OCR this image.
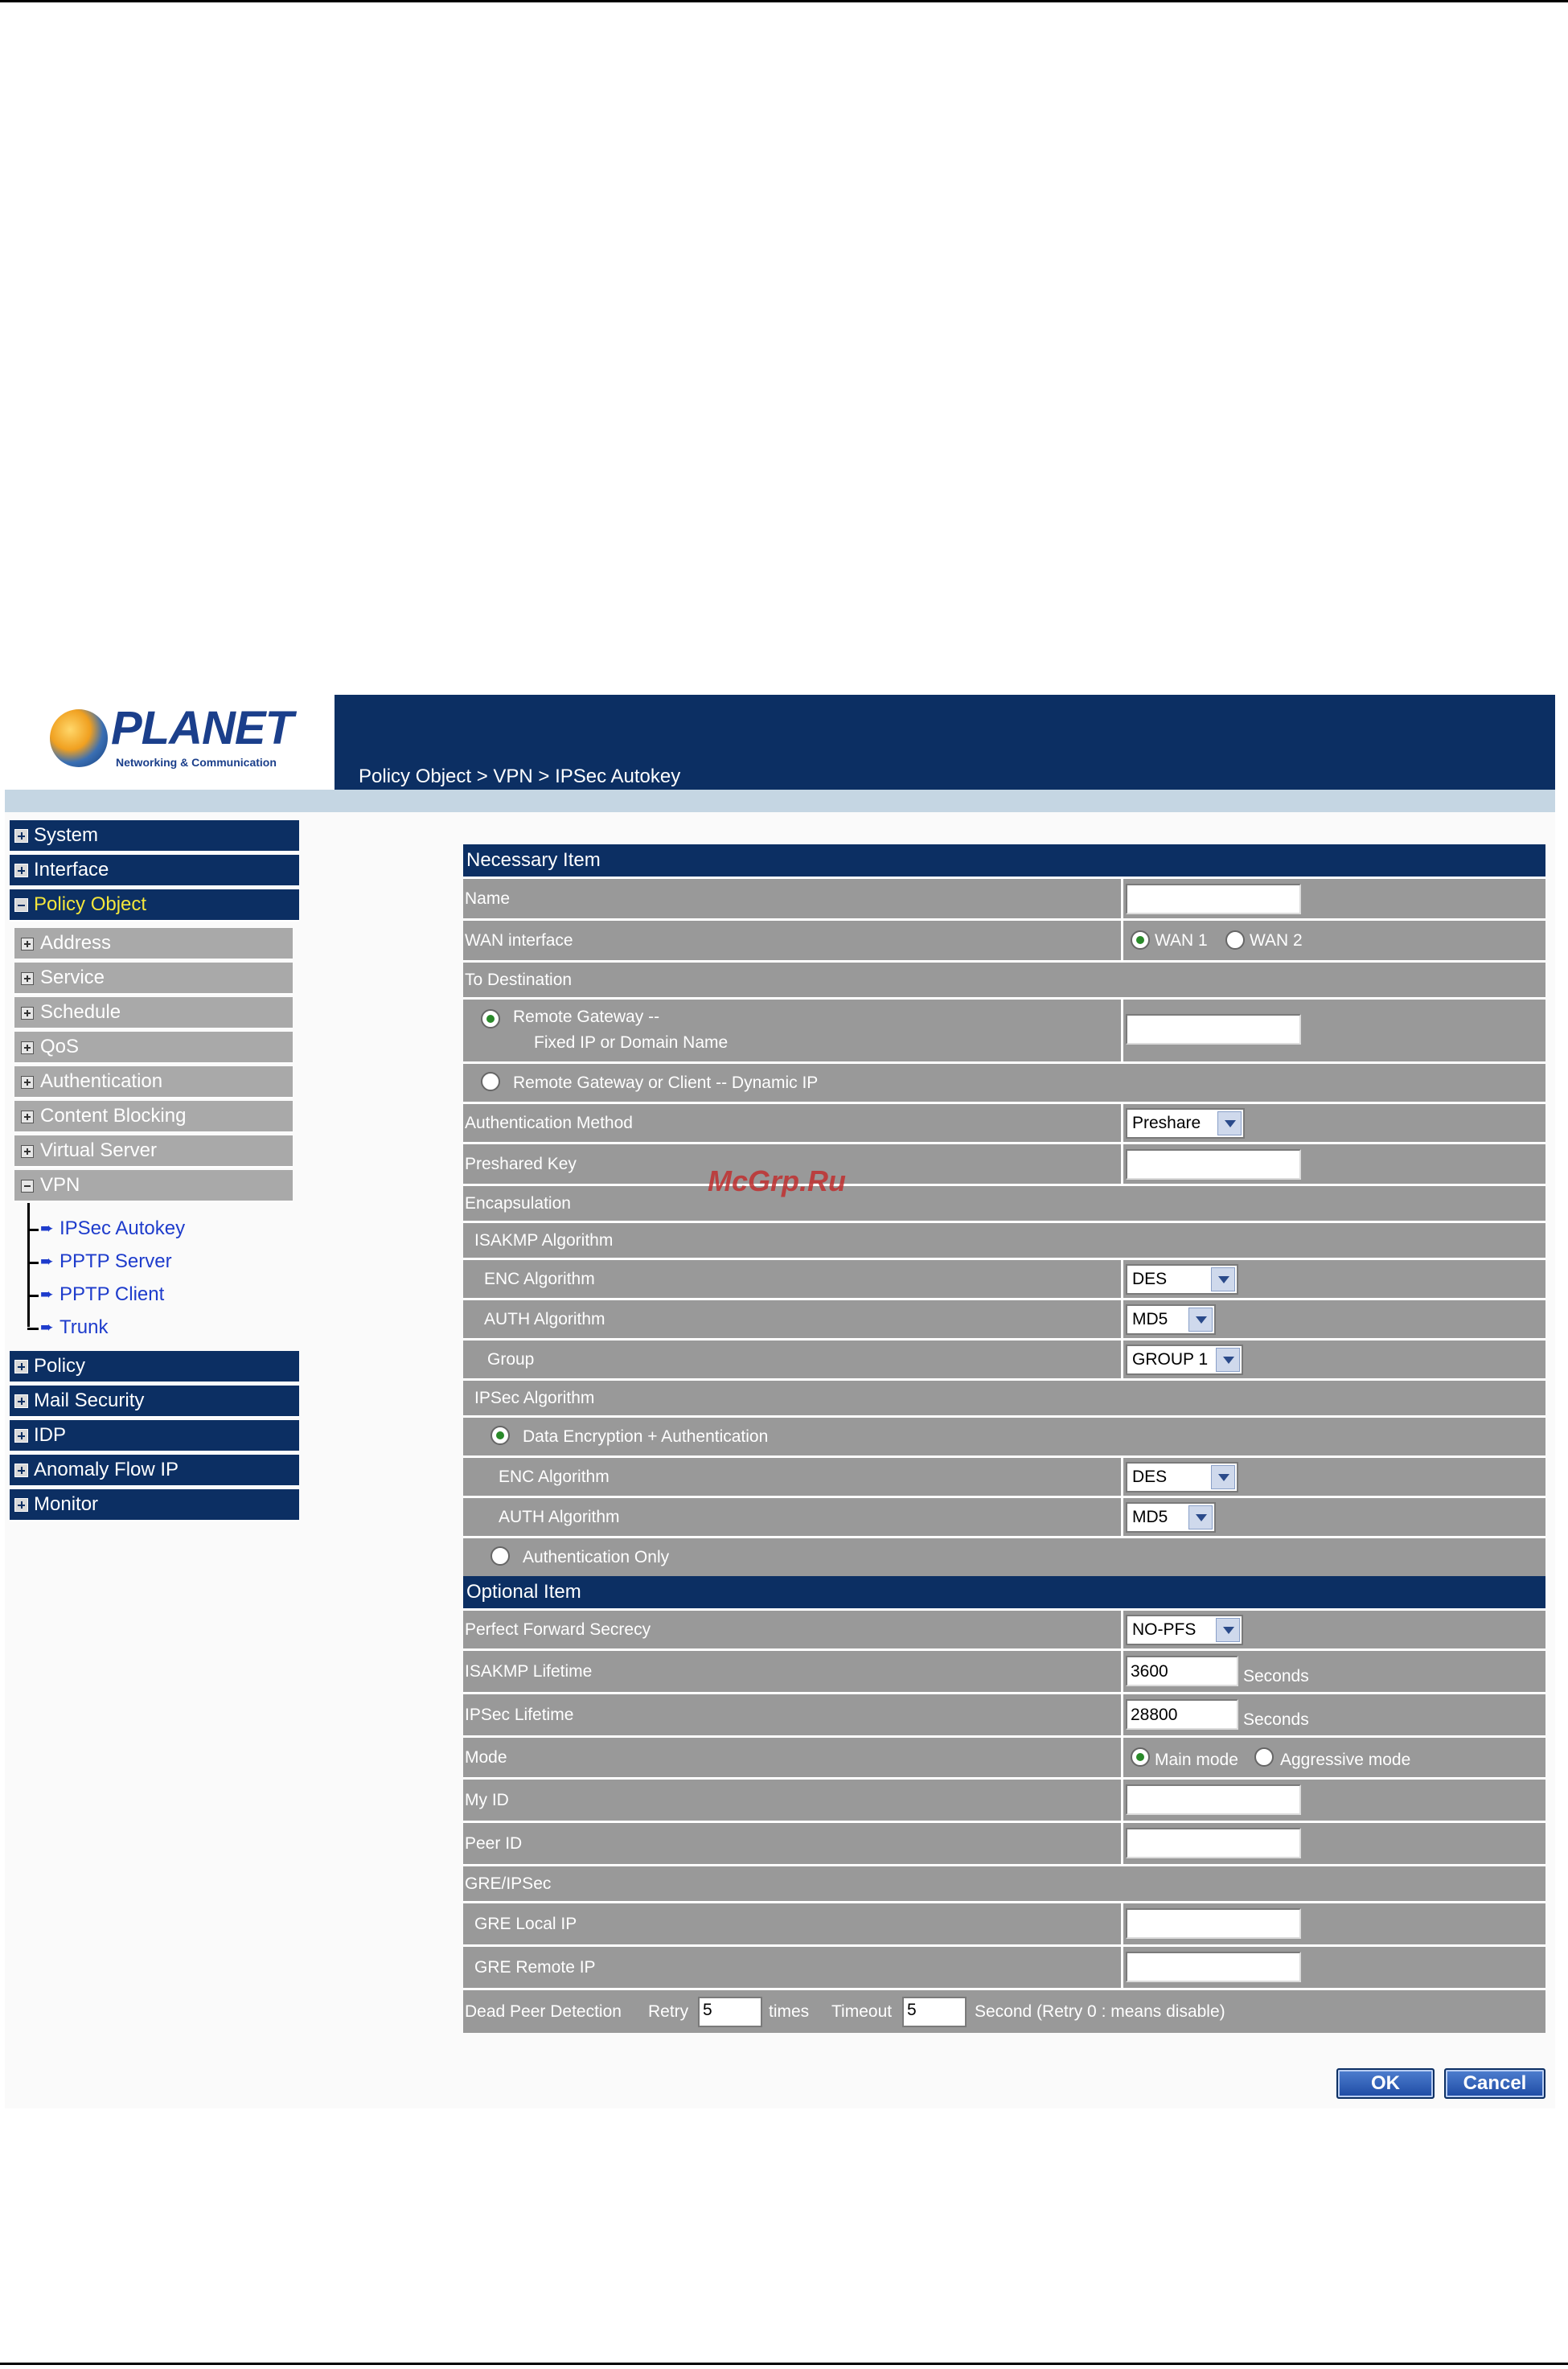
PLANET
Networking & Communication
Policy Object > VPN > IPSec Autokey
System
Interface
Policy Object
Address
Service
Schedule
QoS
Authentication
Content Blocking
Virtual Server
VPN
➨ IPSec Autokey
➨ PPTP Server
➨ PPTP Client
➨ Trunk
Policy
Mail Security
IDP
Anomaly Flow IP
Monitor
Necessary Item
Name
WAN interface	WAN 1 WAN 2
To Destination
Remote Gateway --
Fixed IP or Domain Name
Remote Gateway or Client -- Dynamic IP
Authentication Method	Preshare
Preshared Key
Encapsulation
ISAKMP Algorithm
ENC Algorithm	DES
AUTH Algorithm	MD5
Group	GROUP 1
IPSec Algorithm
Data Encryption + Authentication
ENC Algorithm	DES
AUTH Algorithm	MD5
Authentication Only
Optional Item
Perfect Forward Secrecy	NO-PFS
ISAKMP Lifetime	3600	Seconds
IPSec Lifetime	28800	Seconds
Mode	Main mode Aggressive mode
My ID
Peer ID
GRE/IPSec
GRE Local IP
GRE Remote IP
Dead Peer Detection Retry 5	times Timeout 5	Second (Retry 0 : means disable)
OK	Cancel
McGrp.Ru
